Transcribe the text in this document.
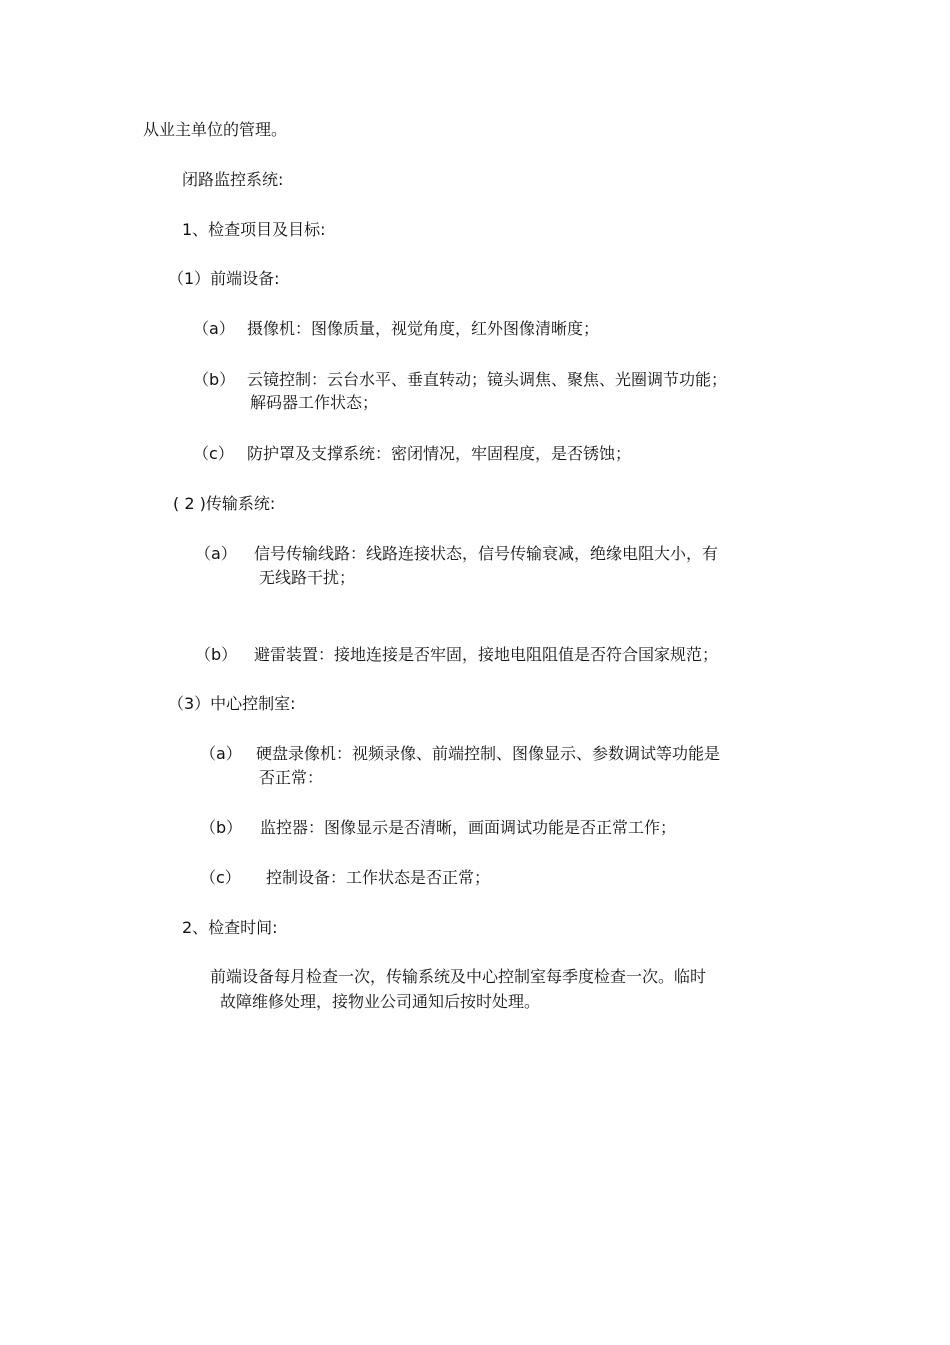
从业主单位的管理。
闭路监控系统:
1、检查项目及目标:
（1）前端设备:
（a） 摄像机：图像质量，视觉角度，红外图像清晰度；
（b） 云镜控制：云台水平、垂直转动；镜头调焦、聚焦、光圈调节功能；
解码器工作状态；
（c） 防护罩及支撑系统：密闭情况，牢固程度，是否锈蚀；
( 2 )传输系统:
（a） 信号传输线路：线路连接状态，信号传输衰减，绝缘电阻大小，有
无线路干扰；
（b） 避雷装置：接地连接是否牢固，接地电阻阻值是否符合国家规范；
（3）中心控制室:
（a） 硬盘录像机：视频录像、前端控制、图像显示、参数调试等功能是
否正常：
（b） 监控器：图像显示是否清晰，画面调试功能是否正常工作；
（c） 控制设备：工作状态是否正常；
2、检查时间:
前端设备每月检查一次，传输系统及中心控制室每季度检查一次。临时
故障维修处理，接物业公司通知后按时处理。
